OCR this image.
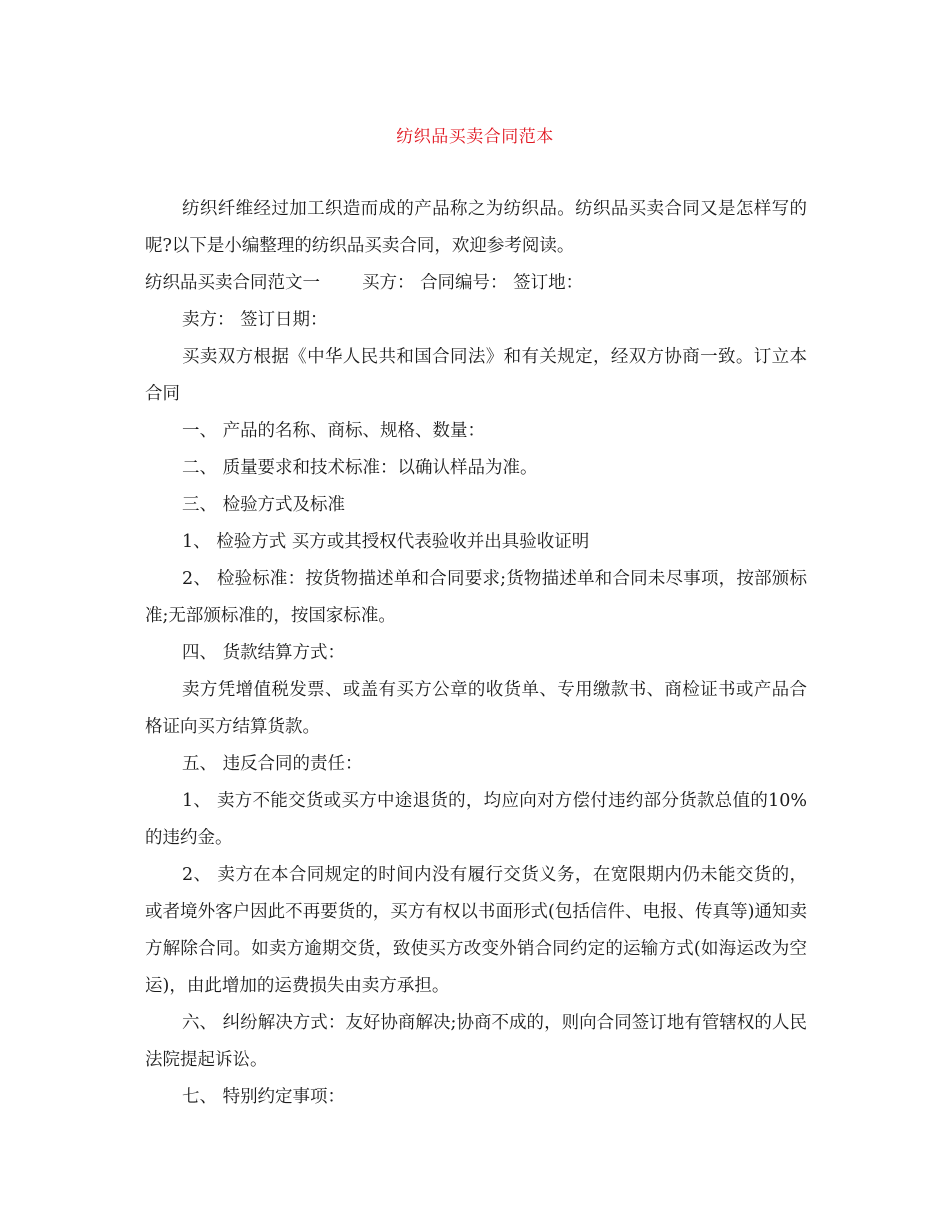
纺织品买卖合同范本

纺织纤维经过加工织造而成的产品称之为纺织品。纺织品买卖合同又是怎样写的呢?以下是小编整理的纺织品买卖合同，欢迎参考阅读。

纺织品买卖合同范文一 买方： 合同编号： 签订地：

卖方： 签订日期：

买卖双方根据《中华人民共和国合同法》和有关规定，经双方协商一致。订立本合同

一、 产品的名称、商标、规格、数量：

二、 质量要求和技术标准：以确认样品为准。

三、 检验方式及标准

1、 检验方式 买方或其授权代表验收并出具验收证明

2、 检验标准：按货物描述单和合同要求;货物描述单和合同未尽事项，按部颁标准;无部颁标准的，按国家标准。

四、 货款结算方式：

卖方凭增值税发票、或盖有买方公章的收货单、专用缴款书、商检证书或产品合格证向买方结算货款。

五、 违反合同的责任：

1、 卖方不能交货或买方中途退货的，均应向对方偿付违约部分货款总值的10%的违约金。

2、 卖方在本合同规定的时间内没有履行交货义务，在宽限期内仍未能交货的，或者境外客户因此不再要货的，买方有权以书面形式(包括信件、电报、传真等)通知卖方解除合同。如卖方逾期交货，致使买方改变外销合同约定的运输方式(如海运改为空运)，由此增加的运费损失由卖方承担。

六、 纠纷解决方式：友好协商解决;协商不成的，则向合同签订地有管辖权的人民法院提起诉讼。

七、 特别约定事项：
